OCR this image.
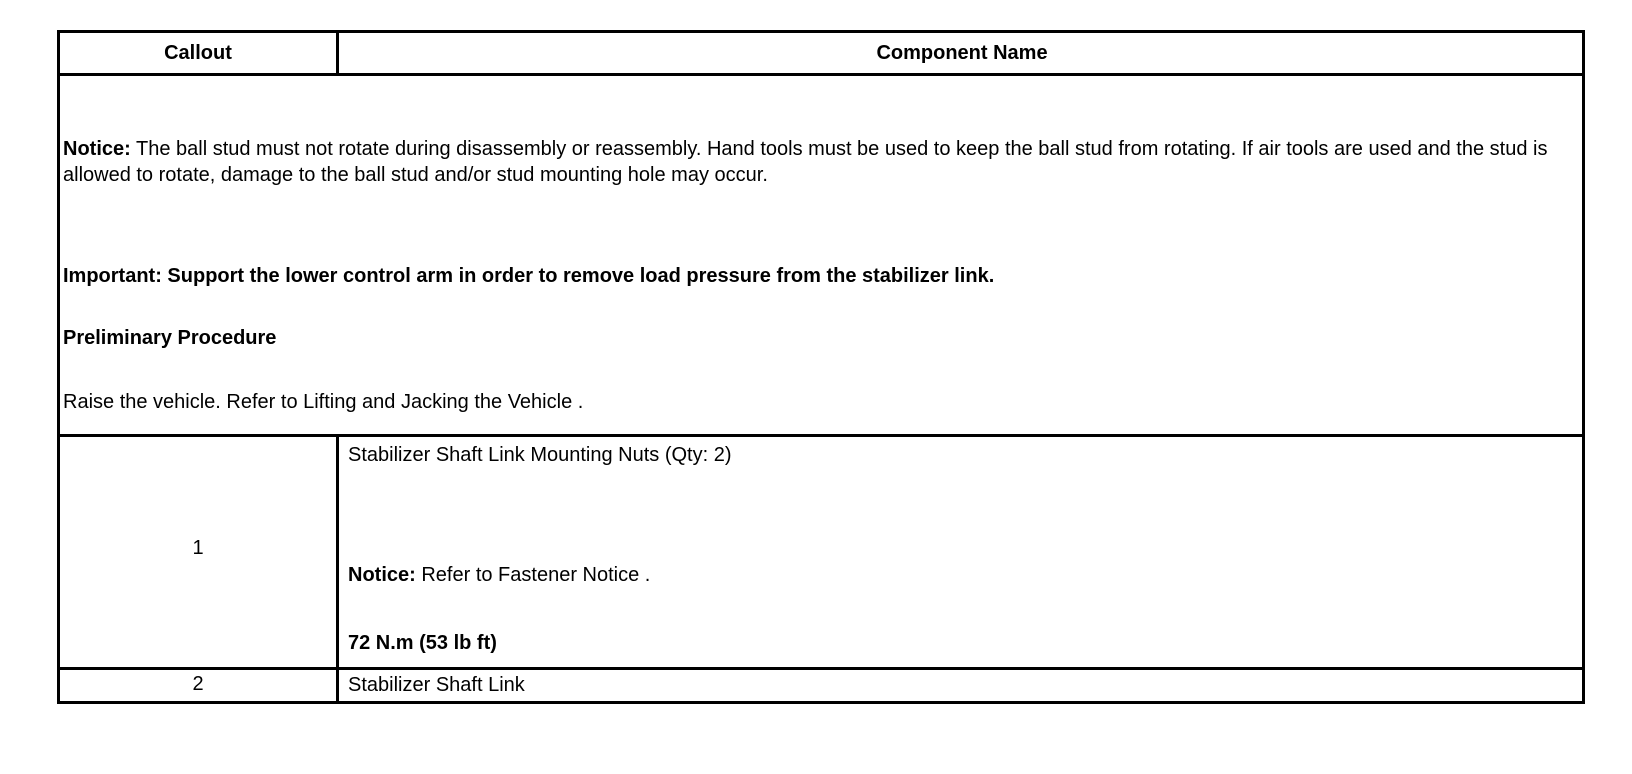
Callout	Component Name

Notice: The ball stud must not rotate during disassembly or reassembly. Hand tools must be used to keep the ball stud from rotating. If air tools are used and the stud is allowed to rotate, damage to the ball stud and/or stud mounting hole may occur.

Important: Support the lower control arm in order to remove load pressure from the stabilizer link.

Preliminary Procedure

Raise the vehicle. Refer to Lifting and Jacking the Vehicle .

1

Stabilizer Shaft Link Mounting Nuts (Qty: 2)

Notice: Refer to Fastener Notice .

72 N.m (53 lb ft)

2	Stabilizer Shaft Link
